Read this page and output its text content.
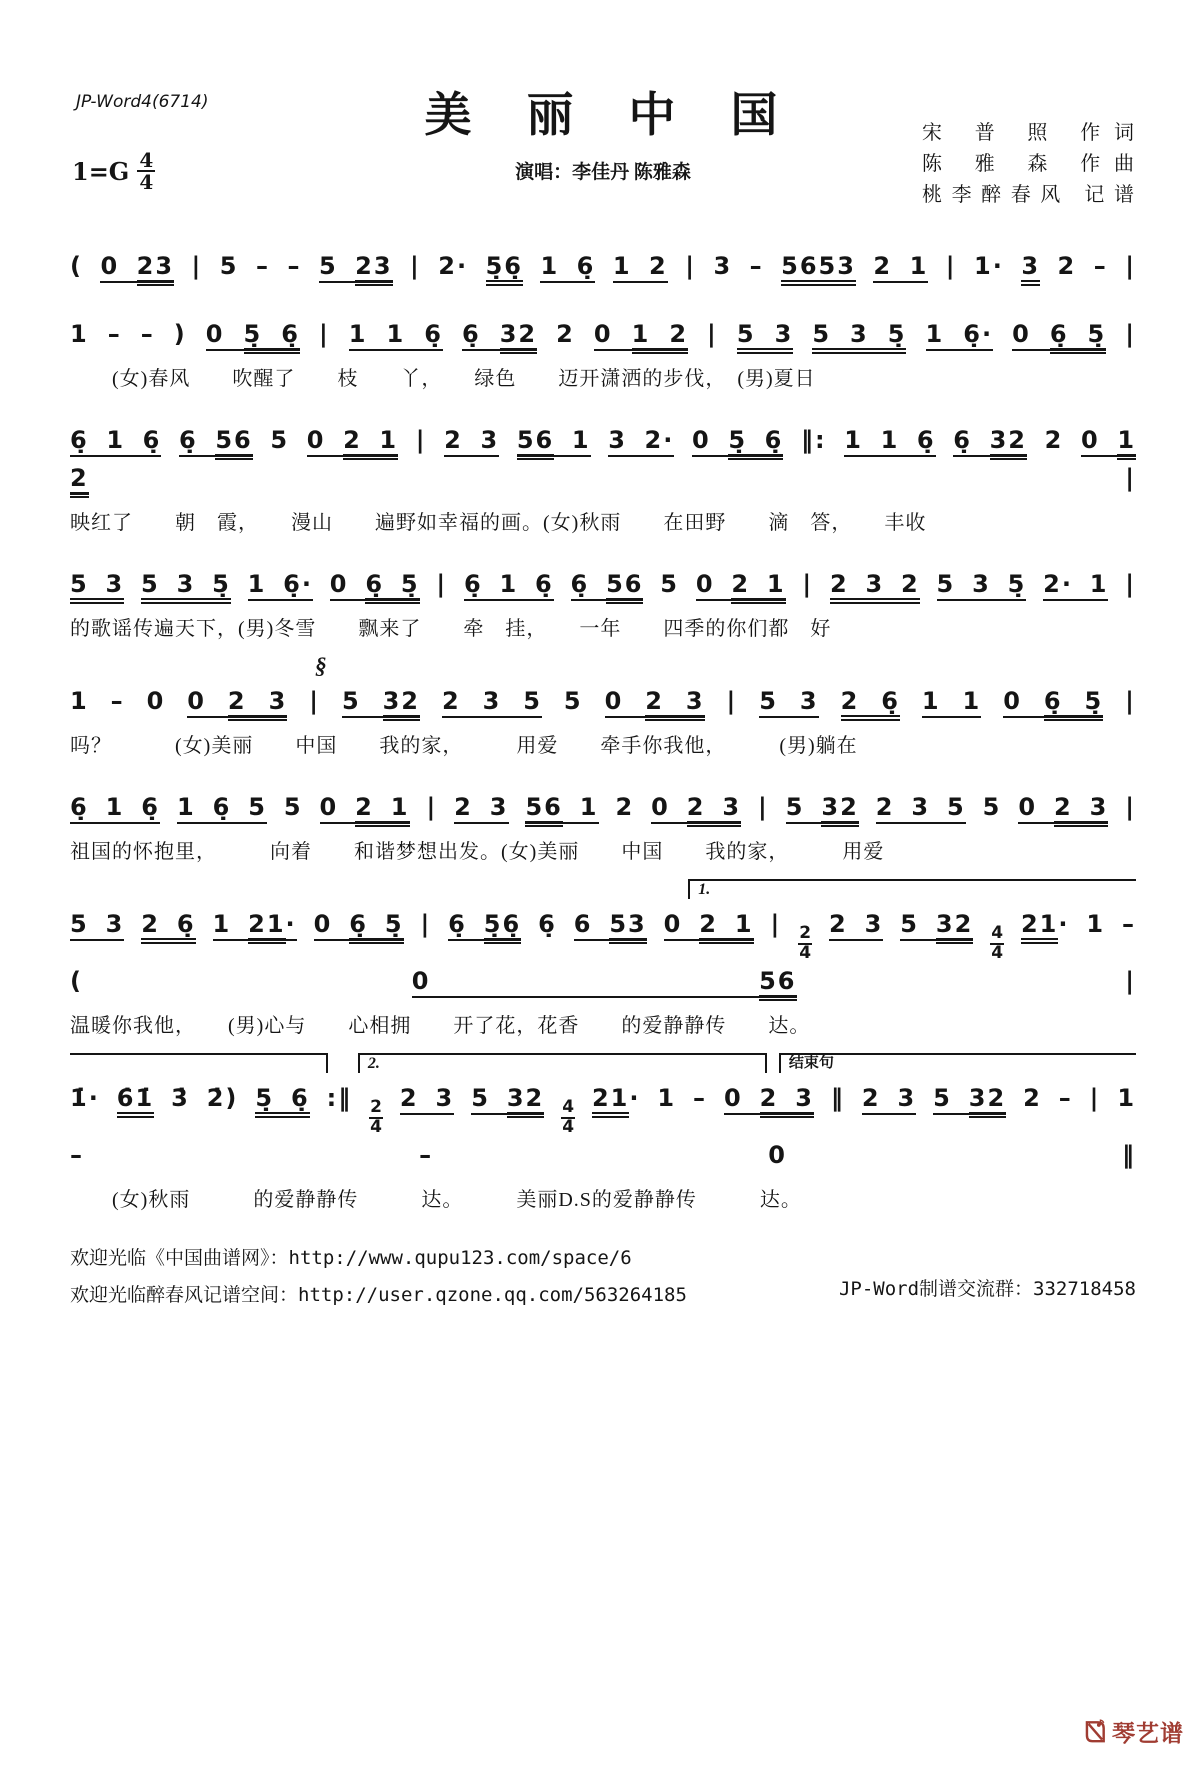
JP-Word4(6714)	美　丽　中　国
演唱：李佳丹 陈雅森
宋 普 照 作词
陈 雅 森 作曲
桃李醉春风 记谱
$1=G \frac{4}{4}$
( 0 23 | 5 – – 5 23 | 2· 5̣6̣ 1 6̣ 1 2 | 3 – 5653 2 1 | 1· 3 2 – |
1 – – ) 0 5̣ 6̣ | 1 1 6̣ 6̣ 32 2 0 1 2 | 5 3 5 3 5̣ 1 6̣· 0 6̣ 5̣ |
　　(女)春风　　吹醒了　　枝　　丫，　　绿色　　迈开潇洒的步伐，　(男)夏日
6̣ 1 6̣ 6̣ 56 5 0 2 1 | 2 3 56 1 3 2· 0 5̣ 6̣ ‖: 1 1 6̣ 6̣ 32 2 0 1 2 |
映红了　　朝　霞，　　漫山　　遍野如幸福的画。(女)秋雨　　在田野　　滴　答，　　丰收
5 3 5 3 5̣ 1 6̣· 0 6̣ 5̣ | 6̣ 1 6̣ 6̣ 56 5 0 2 1 | 2 3 2 5 3 5̣ 2· 1 |
的歌谣传遍天下，(男)冬雪　　飘来了　　牵　挂，　　一年　　四季的你们都　好
§
1 – 0 0 2 3 | 5 32 2 3 5 5 0 2 3 | 5 3 2 6̣ 1 1 0 6̣ 5̣ |
吗？　　　(女)美丽　　中国　　我的家，　　　用爱　　牵手你我他，　　　(男)躺在
6̣ 1 6̣ 1 6̣ 5 5 0 2 1 | 2 3 56 1 2 0 2 3 | 5 32 2 3 5 5 0 2 3 |
祖国的怀抱里，　　　向着　　和谐梦想出发。(女)美丽　　中国　　我的家，　　　用爱
1.
5 3 2 6̣ 1 21· 0 6̣ 5̣ | 6̣ 5̣6̣ 6̣ 6 53 0 2 1 |
$\frac{2}{4}$
2 3 5 32
$\frac{4}{4}$
21· 1 – ( 0 56 |
温暖你我他，　　(男)心与　　心相拥　　开了花，花香　　的爱静静传　　达。
2.	结束句
1̇· 6̇1̇ 3̇ 2̇) 5̣ 6̣ :‖
$\frac{2}{4}$
2 3 5 32
$\frac{4}{4}$
21· 1 – 0 2 3 ‖ 2 3 5 32 2 – | 1 – – 0 ‖
　　(女)秋雨　　　的爱静静传　　　达。　　　美丽D.S的爱静静传　　　达。
欢迎光临《中国曲谱网》：http://www.qupu123.com/space/6
欢迎光临醉春风记谱空间：http://user.qzone.qq.com/563264185	JP-Word制谱交流群：332718458
琴艺谱
